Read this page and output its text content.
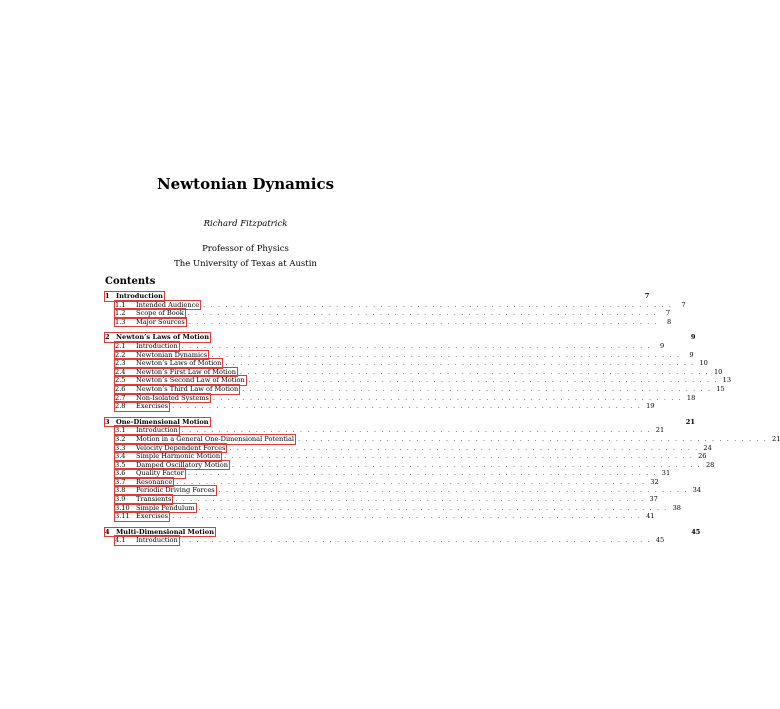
Newtonian Dynamics
Richard Fitzpatrick
Professor of Physics
The University of Texas at Austin
Contents
1 Introduction	7
1.1	Intended Audience . . . . . . . . . . . . . . . . . . . . . . . . . . . . . . . . . . . . . . . . . . . . . . . . . . . . . . . . . . . . . . . .	7
1.2	Scope of Book . . . . . . . . . . . . . . . . . . . . . . . . . . . . . . . . . . . . . . . . . . . . . . . . . . . . . . . . . . . . . . . .	7
1.3	Major Sources . . . . . . . . . . . . . . . . . . . . . . . . . . . . . . . . . . . . . . . . . . . . . . . . . . . . . . . . . . . . . . . .	8
2 Newton’s Laws of Motion	9
2.1	Introduction . . . . . . . . . . . . . . . . . . . . . . . . . . . . . . . . . . . . . . . . . . . . . . . . . . . . . . . . . . . . . . . .	9
2.2	Newtonian Dynamics . . . . . . . . . . . . . . . . . . . . . . . . . . . . . . . . . . . . . . . . . . . . . . . . . . . . . . . . . . . . . . . .	9
2.3	Newton’s Laws of Motion . . . . . . . . . . . . . . . . . . . . . . . . . . . . . . . . . . . . . . . . . . . . . . . . . . . . . . . . . . . . . . . . 10
2.4	Newton’s First Law of Motion . . . . . . . . . . . . . . . . . . . . . . . . . . . . . . . . . . . . . . . . . . . . . . . . . . . . . . . . . . . . . . . . 10
2.5	Newton’s Second Law of Motion . . . . . . . . . . . . . . . . . . . . . . . . . . . . . . . . . . . . . . . . . . . . . . . . . . . . . . . . . . . . . . . . 13
2.6	Newton’s Third Law of Motion . . . . . . . . . . . . . . . . . . . . . . . . . . . . . . . . . . . . . . . . . . . . . . . . . . . . . . . . . . . . . . . . 15
2.7	Non-Isolated Systems . . . . . . . . . . . . . . . . . . . . . . . . . . . . . . . . . . . . . . . . . . . . . . . . . . . . . . . . . . . . . . . . 18
2.8	Exercises . . . . . . . . . . . . . . . . . . . . . . . . . . . . . . . . . . . . . . . . . . . . . . . . . . . . . . . . . . . . . . . . 19
3 One-Dimensional Motion	21
3.1	Introduction . . . . . . . . . . . . . . . . . . . . . . . . . . . . . . . . . . . . . . . . . . . . . . . . . . . . . . . . . . . . . . . . 21
3.2	Motion in a General One-Dimensional Potential . . . . . . . . . . . . . . . . . . . . . . . . . . . . . . . . . . . . . . . . . . . . . . . . . . . . . . . . . . . . . . . . 21
3.3	Velocity Dependent Forces . . . . . . . . . . . . . . . . . . . . . . . . . . . . . . . . . . . . . . . . . . . . . . . . . . . . . . . . . . . . . . . . 24
3.4	Simple Harmonic Motion . . . . . . . . . . . . . . . . . . . . . . . . . . . . . . . . . . . . . . . . . . . . . . . . . . . . . . . . . . . . . . . . 26
3.5	Damped Oscillatory Motion . . . . . . . . . . . . . . . . . . . . . . . . . . . . . . . . . . . . . . . . . . . . . . . . . . . . . . . . . . . . . . . . 28
3.6	Quality Factor . . . . . . . . . . . . . . . . . . . . . . . . . . . . . . . . . . . . . . . . . . . . . . . . . . . . . . . . . . . . . . . . 31
3.7	Resonance . . . . . . . . . . . . . . . . . . . . . . . . . . . . . . . . . . . . . . . . . . . . . . . . . . . . . . . . . . . . . . . . 32
3.8	Periodic Driving Forces . . . . . . . . . . . . . . . . . . . . . . . . . . . . . . . . . . . . . . . . . . . . . . . . . . . . . . . . . . . . . . . . 34
3.9	Transients . . . . . . . . . . . . . . . . . . . . . . . . . . . . . . . . . . . . . . . . . . . . . . . . . . . . . . . . . . . . . . . . 37
3.10 Simple Pendulum . . . . . . . . . . . . . . . . . . . . . . . . . . . . . . . . . . . . . . . . . . . . . . . . . . . . . . . . . . . . . . . . 38
3.11 Exercises . . . . . . . . . . . . . . . . . . . . . . . . . . . . . . . . . . . . . . . . . . . . . . . . . . . . . . . . . . . . . . . . 41
4 Multi-Dimensional Motion	45
4.1	Introduction . . . . . . . . . . . . . . . . . . . . . . . . . . . . . . . . . . . . . . . . . . . . . . . . . . . . . . . . . . . . . . . . 45
